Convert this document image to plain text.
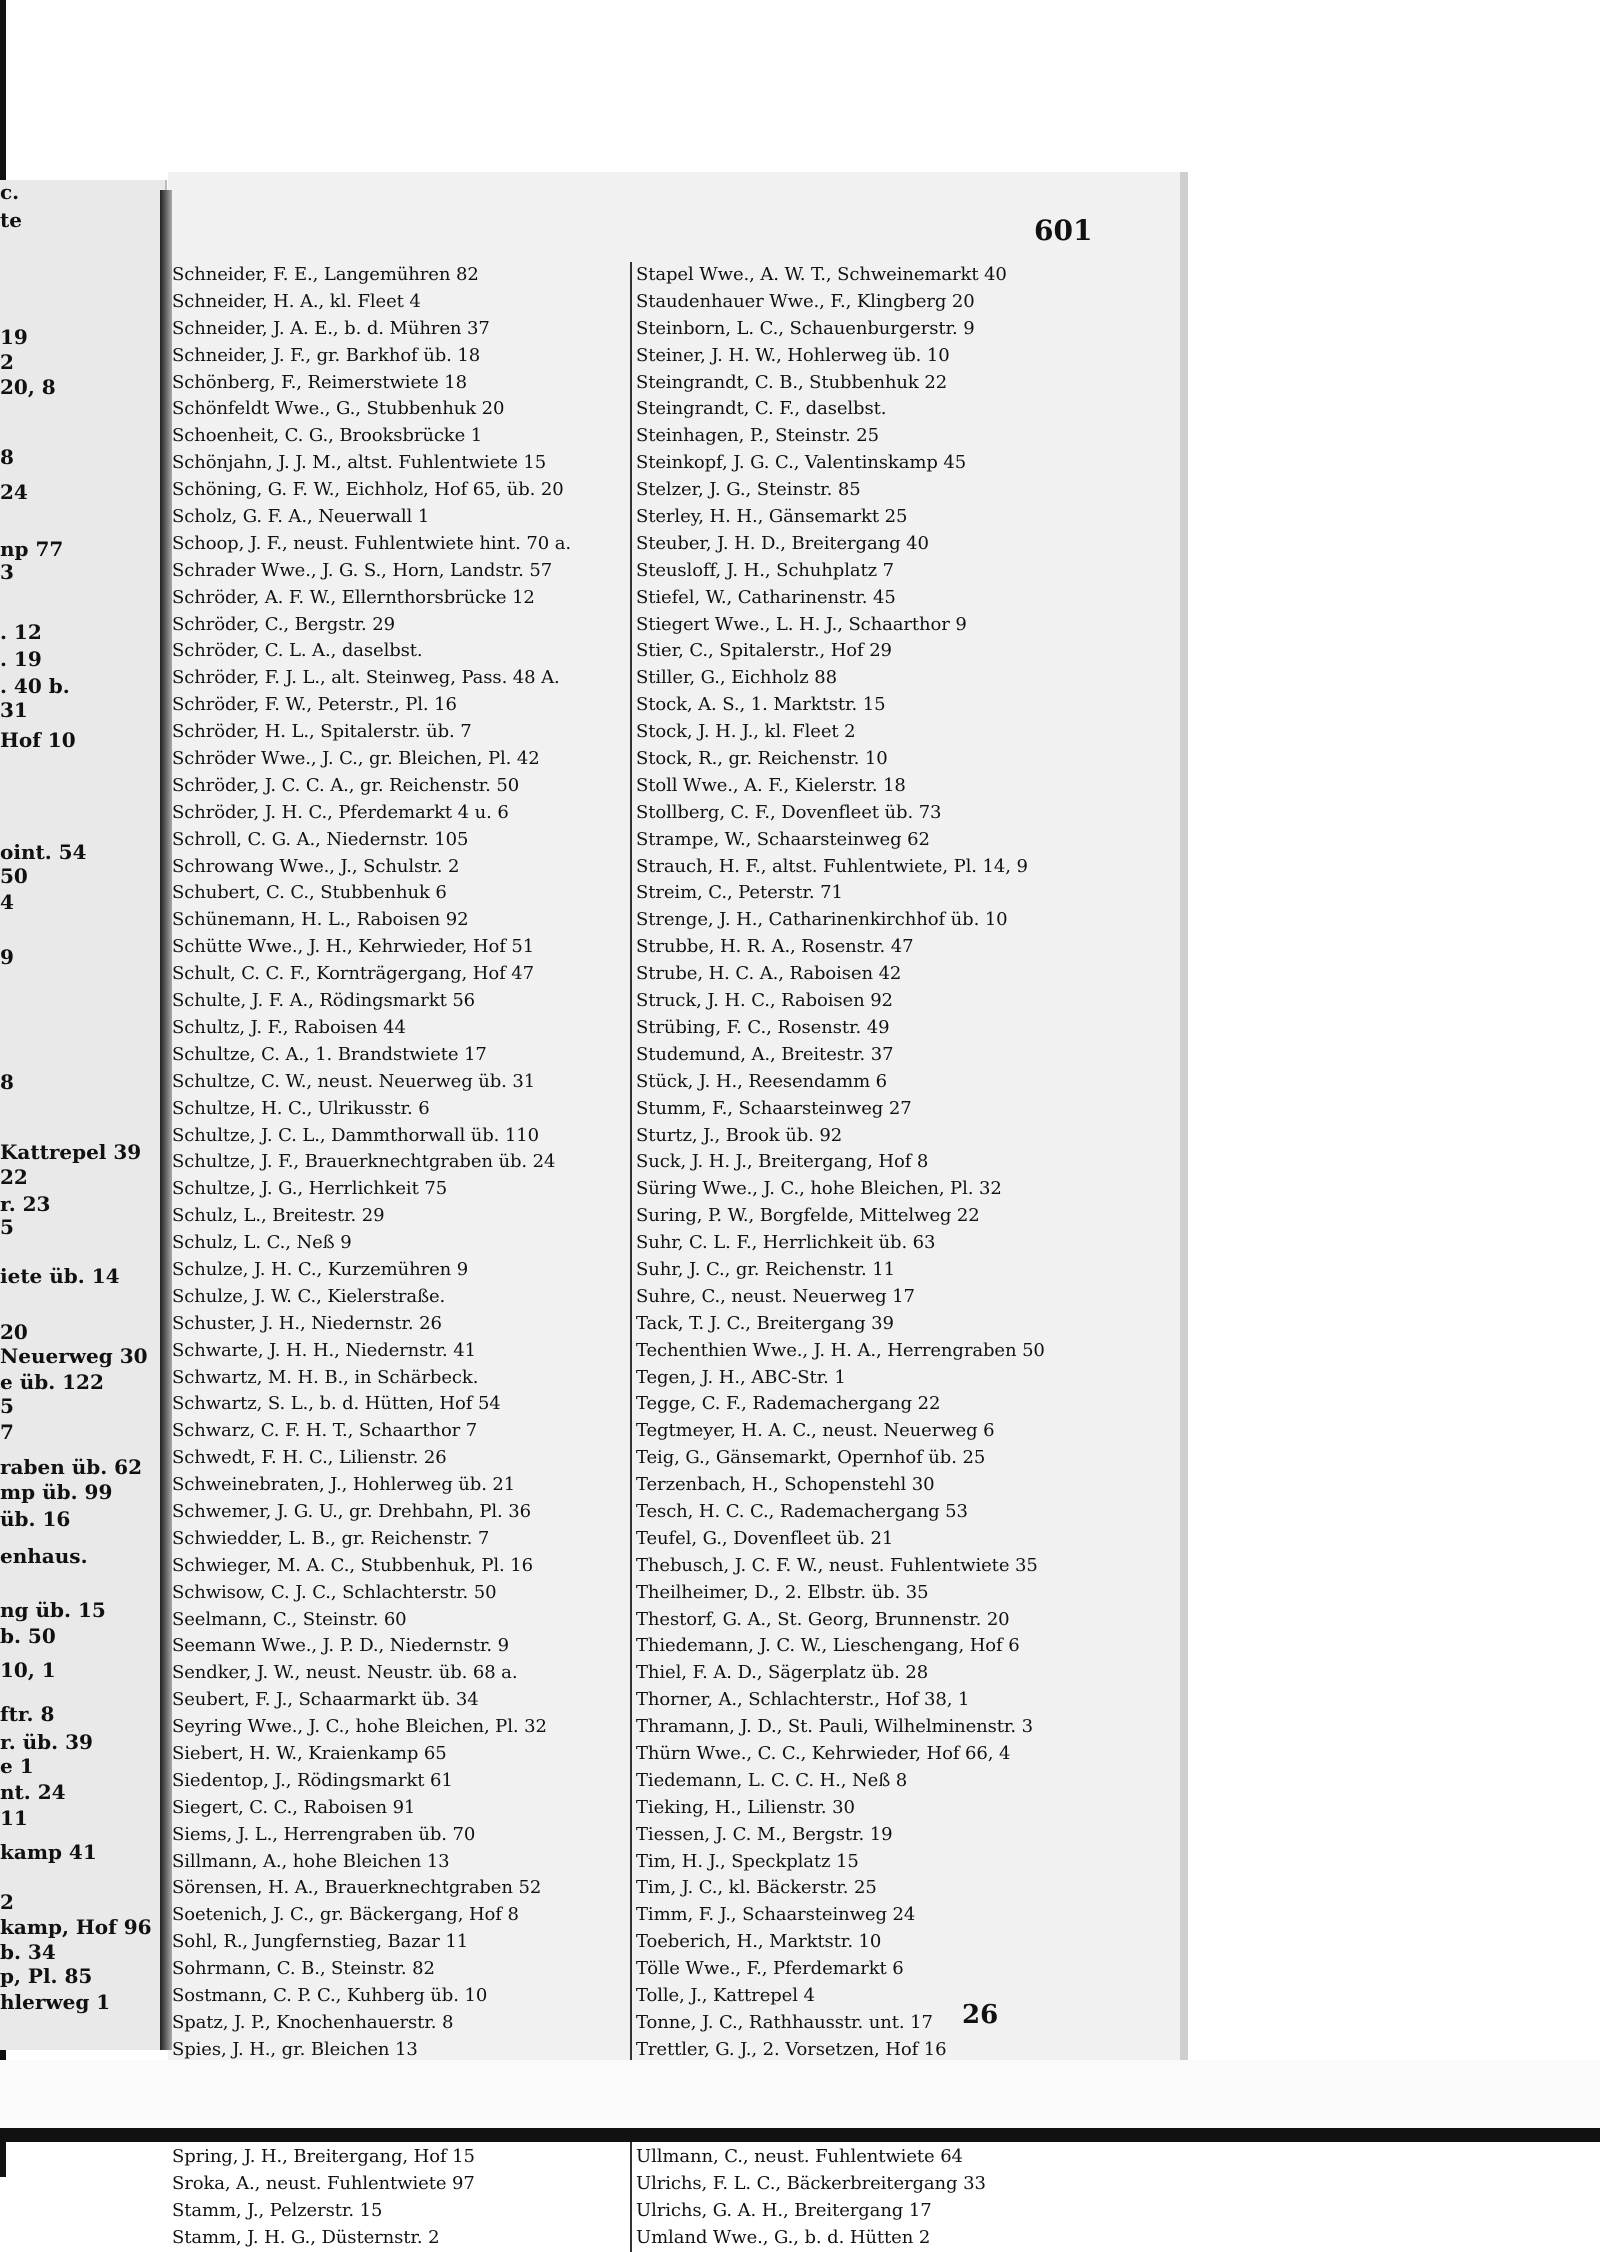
c.
te
19
2
20, 8
8
24
np 77
3
. 12
. 19
. 40 b.
31
Hof 10
oint. 54
50
4
9
8
Kattrepel 39
22
r. 23
5
iete üb. 14
20
Neuerweg 30
e üb. 122
5
7
raben üb. 62
mp üb. 99
üb. 16
enhaus.
ng üb. 15
b. 50
10, 1
ftr. 8
r. üb. 39
e 1
nt. 24
11
kamp 41
2
kamp, Hof 96
b. 34
p, Pl. 85
hlerweg 1
601
Schneider, F. E., Langemühren 82
Schneider, H. A., kl. Fleet 4
Schneider, J. A. E., b. d. Mühren 37
Schneider, J. F., gr. Barkhof üb. 18
Schönberg, F., Reimerstwiete 18
Schönfeldt Wwe., G., Stubbenhuk 20
Schoenheit, C. G., Brooksbrücke 1
Schönjahn, J. J. M., altst. Fuhlentwiete 15
Schöning, G. F. W., Eichholz, Hof 65, üb. 20
Scholz, G. F. A., Neuerwall 1
Schoop, J. F., neust. Fuhlentwiete hint. 70 a.
Schrader Wwe., J. G. S., Horn, Landstr. 57
Schröder, A. F. W., Ellernthorsbrücke 12
Schröder, C., Bergstr. 29
Schröder, C. L. A., daselbst.
Schröder, F. J. L., alt. Steinweg, Pass. 48 A.
Schröder, F. W., Peterstr., Pl. 16
Schröder, H. L., Spitalerstr. üb. 7
Schröder Wwe., J. C., gr. Bleichen, Pl. 42
Schröder, J. C. C. A., gr. Reichenstr. 50
Schröder, J. H. C., Pferdemarkt 4 u. 6
Schroll, C. G. A., Niedernstr. 105
Schrowang Wwe., J., Schulstr. 2
Schubert, C. C., Stubbenhuk 6
Schünemann, H. L., Raboisen 92
Schütte Wwe., J. H., Kehrwieder, Hof 51
Schult, C. C. F., Kornträgergang, Hof 47
Schulte, J. F. A., Rödingsmarkt 56
Schultz, J. F., Raboisen 44
Schultze, C. A., 1. Brandstwiete 17
Schultze, C. W., neust. Neuerweg üb. 31
Schultze, H. C., Ulrikusstr. 6
Schultze, J. C. L., Dammthorwall üb. 110
Schultze, J. F., Brauerknechtgraben üb. 24
Schultze, J. G., Herrlichkeit 75
Schulz, L., Breitestr. 29
Schulz, L. C., Neß 9
Schulze, J. H. C., Kurzemühren 9
Schulze, J. W. C., Kielerstraße.
Schuster, J. H., Niedernstr. 26
Schwarte, J. H. H., Niedernstr. 41
Schwartz, M. H. B., in Schärbeck.
Schwartz, S. L., b. d. Hütten, Hof 54
Schwarz, C. F. H. T., Schaarthor 7
Schwedt, F. H. C., Lilienstr. 26
Schweinebraten, J., Hohlerweg üb. 21
Schwemer, J. G. U., gr. Drehbahn, Pl. 36
Schwiedder, L. B., gr. Reichenstr. 7
Schwieger, M. A. C., Stubbenhuk, Pl. 16
Schwisow, C. J. C., Schlachterstr. 50
Seelmann, C., Steinstr. 60
Seemann Wwe., J. P. D., Niedernstr. 9
Sendker, J. W., neust. Neustr. üb. 68 a.
Seubert, F. J., Schaarmarkt üb. 34
Seyring Wwe., J. C., hohe Bleichen, Pl. 32
Siebert, H. W., Kraienkamp 65
Siedentop, J., Rödingsmarkt 61
Siegert, C. C., Raboisen 91
Siems, J. L., Herrengraben üb. 70
Sillmann, A., hohe Bleichen 13
Sörensen, H. A., Brauerknechtgraben 52
Soetenich, J. C., gr. Bäckergang, Hof 8
Sohl, R., Jungfernstieg, Bazar 11
Sohrmann, C. B., Steinstr. 82
Sostmann, C. P. C., Kuhberg üb. 10
Spatz, J. P., Knochenhauerstr. 8
Spies, J. H., gr. Bleichen 13
Spring, J. H., Breitergang, Hof 15
Sroka, A., neust. Fuhlentwiete 97
Stamm, J., Pelzerstr. 15
Stamm, J. H. G., Düsternstr. 2
Stapel Wwe., A. W. T., Schweinemarkt 40
Staudenhauer Wwe., F., Klingberg 20
Steinborn, L. C., Schauenburgerstr. 9
Steiner, J. H. W., Hohlerweg üb. 10
Steingrandt, C. B., Stubbenhuk 22
Steingrandt, C. F., daselbst.
Steinhagen, P., Steinstr. 25
Steinkopf, J. G. C., Valentinskamp 45
Stelzer, J. G., Steinstr. 85
Sterley, H. H., Gänsemarkt 25
Steuber, J. H. D., Breitergang 40
Steusloff, J. H., Schuhplatz 7
Stiefel, W., Catharinenstr. 45
Stiegert Wwe., L. H. J., Schaarthor 9
Stier, C., Spitalerstr., Hof 29
Stiller, G., Eichholz 88
Stock, A. S., 1. Marktstr. 15
Stock, J. H. J., kl. Fleet 2
Stock, R., gr. Reichenstr. 10
Stoll Wwe., A. F., Kielerstr. 18
Stollberg, C. F., Dovenfleet üb. 73
Strampe, W., Schaarsteinweg 62
Strauch, H. F., altst. Fuhlentwiete, Pl. 14, 9
Streim, C., Peterstr. 71
Strenge, J. H., Catharinenkirchhof üb. 10
Strubbe, H. R. A., Rosenstr. 47
Strube, H. C. A., Raboisen 42
Struck, J. H. C., Raboisen 92
Strübing, F. C., Rosenstr. 49
Studemund, A., Breitestr. 37
Stück, J. H., Reesendamm 6
Stumm, F., Schaarsteinweg 27
Sturtz, J., Brook üb. 92
Suck, J. H. J., Breitergang, Hof 8
Süring Wwe., J. C., hohe Bleichen, Pl. 32
Suring, P. W., Borgfelde, Mittelweg 22
Suhr, C. L. F., Herrlichkeit üb. 63
Suhr, J. C., gr. Reichenstr. 11
Suhre, C., neust. Neuerweg 17
Tack, T. J. C., Breitergang 39
Techenthien Wwe., J. H. A., Herrengraben 50
Tegen, J. H., ABC-Str. 1
Tegge, C. F., Rademachergang 22
Tegtmeyer, H. A. C., neust. Neuerweg 6
Teig, G., Gänsemarkt, Opernhof üb. 25
Terzenbach, H., Schopenstehl 30
Tesch, H. C. C., Rademachergang 53
Teufel, G., Dovenfleet üb. 21
Thebusch, J. C. F. W., neust. Fuhlentwiete 35
Theilheimer, D., 2. Elbstr. üb. 35
Thestorf, G. A., St. Georg, Brunnenstr. 20
Thiedemann, J. C. W., Lieschengang, Hof 6
Thiel, F. A. D., Sägerplatz üb. 28
Thorner, A., Schlachterstr., Hof 38, 1
Thramann, J. D., St. Pauli, Wilhelminenstr. 3
Thürn Wwe., C. C., Kehrwieder, Hof 66, 4
Tiedemann, L. C. C. H., Neß 8
Tieking, H., Lilienstr. 30
Tiessen, J. C. M., Bergstr. 19
Tim, H. J., Speckplatz 15
Tim, J. C., kl. Bäckerstr. 25
Timm, F. J., Schaarsteinweg 24
Toeberich, H., Marktstr. 10
Tölle Wwe., F., Pferdemarkt 6
Tolle, J., Kattrepel 4
Tonne, J. C., Rathhausstr. unt. 17
Trettler, G. J., 2. Vorsetzen, Hof 16
Ullmann, C., neust. Fuhlentwiete 64
Ulrichs, F. L. C., Bäckerbreitergang 33
Ulrichs, G. A. H., Breitergang 17
Umland Wwe., G., b. d. Hütten 2
26
